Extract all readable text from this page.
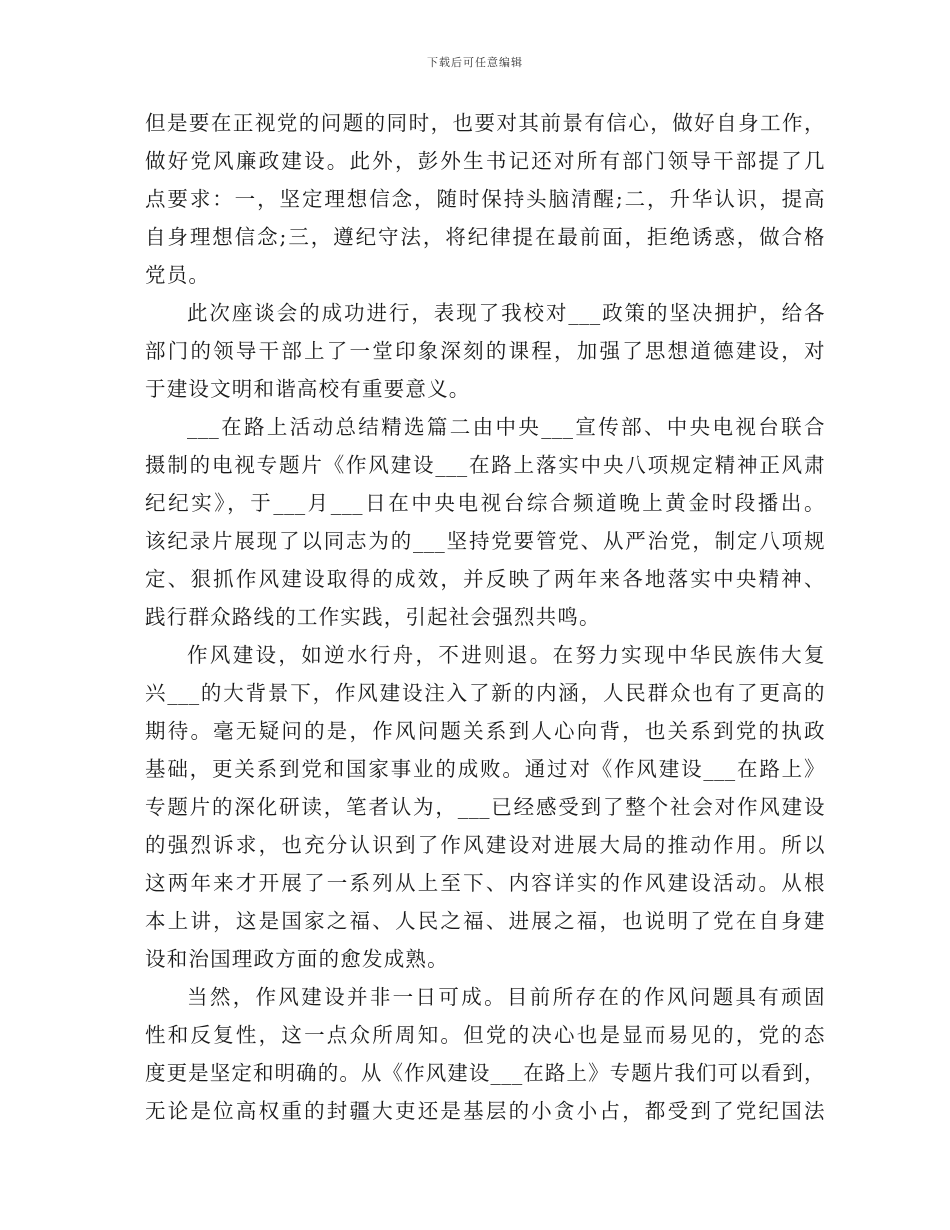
下载后可任意编辑
但是要在正视党的问题的同时，也要对其前景有信心，做好自身工作，
做好党风廉政建设。此外，彭外生书记还对所有部门领导干部提了几
点要求：一，坚定理想信念，随时保持头脑清醒;二，升华认识，提高
自身理想信念;三，遵纪守法，将纪律提在最前面，拒绝诱惑，做合格
党员。
此次座谈会的成功进行，表现了我校对___政策的坚决拥护，给各
部门的领导干部上了一堂印象深刻的课程，加强了思想道德建设，对
于建设文明和谐高校有重要意义。
___在路上活动总结精选篇二由中央___宣传部、中央电视台联合
摄制的电视专题片《作风建设___在路上落实中央八项规定精神正风肃
纪纪实》，于___月___日在中央电视台综合频道晚上黄金时段播出。
该纪录片展现了以同志为的___坚持党要管党、从严治党，制定八项规
定、狠抓作风建设取得的成效，并反映了两年来各地落实中央精神、
践行群众路线的工作实践，引起社会强烈共鸣。
作风建设，如逆水行舟，不进则退。在努力实现中华民族伟大复
兴___的大背景下，作风建设注入了新的内涵，人民群众也有了更高的
期待。毫无疑问的是，作风问题关系到人心向背，也关系到党的执政
基础，更关系到党和国家事业的成败。通过对《作风建设___在路上》
专题片的深化研读，笔者认为，___已经感受到了整个社会对作风建设
的强烈诉求，也充分认识到了作风建设对进展大局的推动作用。所以
这两年来才开展了一系列从上至下、内容详实的作风建设活动。从根
本上讲，这是国家之福、人民之福、进展之福，也说明了党在自身建
设和治国理政方面的愈发成熟。
当然，作风建设并非一日可成。目前所存在的作风问题具有顽固
性和反复性，这一点众所周知。但党的决心也是显而易见的，党的态
度更是坚定和明确的。从《作风建设___在路上》专题片我们可以看到，
无论是位高权重的封疆大吏还是基层的小贪小占，都受到了党纪国法
